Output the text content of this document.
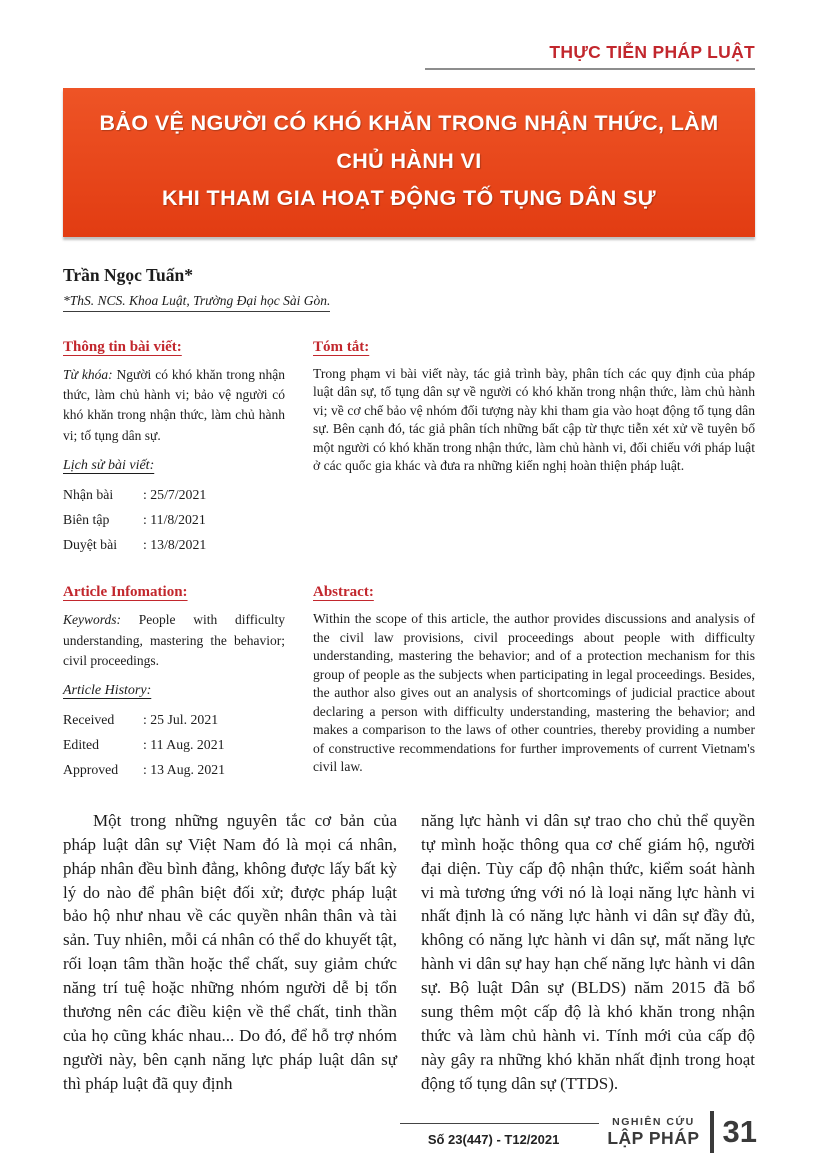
THỰC TIỄN PHÁP LUẬT
BẢO VỆ NGƯỜI CÓ KHÓ KHĂN TRONG NHẬN THỨC, LÀM CHỦ HÀNH VI
KHI THAM GIA HOẠT ĐỘNG TỐ TỤNG DÂN SỰ
Trần Ngọc Tuấn*
*ThS. NCS. Khoa Luật, Trường Đại học Sài Gòn.
Thông tin bài viết:

Từ khóa: Người có khó khăn trong nhận thức, làm chủ hành vi; bảo vệ người có khó khăn trong nhận thức, làm chủ hành vi; tố tụng dân sự.

Lịch sử bài viết:
Nhận bài	: 25/7/2021
Biên tập	: 11/8/2021
Duyệt bài	: 13/8/2021
Tóm tắt:

Trong phạm vi bài viết này, tác giả trình bày, phân tích các quy định của pháp luật dân sự, tố tụng dân sự về người có khó khăn trong nhận thức, làm chủ hành vi; về cơ chế bảo vệ nhóm đối tượng này khi tham gia vào hoạt động tố tụng dân sự. Bên cạnh đó, tác giả phân tích những bất cập từ thực tiễn xét xử về tuyên bố một người có khó khăn trong nhận thức, làm chủ hành vi, đối chiếu với pháp luật ở các quốc gia khác và đưa ra những kiến nghị hoàn thiện pháp luật.

Article Infomation:

Keywords: People with difficulty understanding, mastering the behavior; civil proceedings.

Article History:
Received	: 25 Jul. 2021
Edited	: 11 Aug. 2021
Approved	: 13 Aug. 2021
Abstract:

Within the scope of this article, the author provides discussions and analysis of the civil law provisions, civil proceedings about people with difficulty understanding, mastering the behavior; and of a protection mechanism for this group of people as the subjects when participating in legal proceedings. Besides, the author also gives out an analysis of shortcomings of judicial practice about declaring a person with difficulty understanding, mastering the behavior; and makes a comparison to the laws of other countries, thereby providing a number of constructive recommendations for further improvements of current Vietnam's civil law.

Một trong những nguyên tắc cơ bản của pháp luật dân sự Việt Nam đó là mọi cá nhân, pháp nhân đều bình đẳng, không được lấy bất kỳ lý do nào để phân biệt đối xử; được pháp luật bảo hộ như nhau về các quyền nhân thân và tài sản. Tuy nhiên, mỗi cá nhân có thể do khuyết tật, rối loạn tâm thần hoặc thể chất, suy giảm chức năng trí tuệ hoặc những nhóm người dễ bị tổn thương nên các điều kiện về thể chất, tinh thần của họ cũng khác nhau... Do đó, để hỗ trợ nhóm người này, bên cạnh năng lực pháp luật dân sự thì pháp luật đã quy định

năng lực hành vi dân sự trao cho chủ thể quyền tự mình hoặc thông qua cơ chế giám hộ, người đại diện. Tùy cấp độ nhận thức, kiểm soát hành vi mà tương ứng với nó là loại năng lực hành vi nhất định là có năng lực hành vi dân sự đầy đủ, không có năng lực hành vi dân sự, mất năng lực hành vi dân sự hay hạn chế năng lực hành vi dân sự. Bộ luật Dân sự (BLDS) năm 2015 đã bổ sung thêm một cấp độ là khó khăn trong nhận thức và làm chủ hành vi. Tính mới của cấp độ này gây ra những khó khăn nhất định trong hoạt động tố tụng dân sự (TTDS).

Số 23(447) - T12/2021
NGHIÊN CỨU
LẬP PHÁP 31
